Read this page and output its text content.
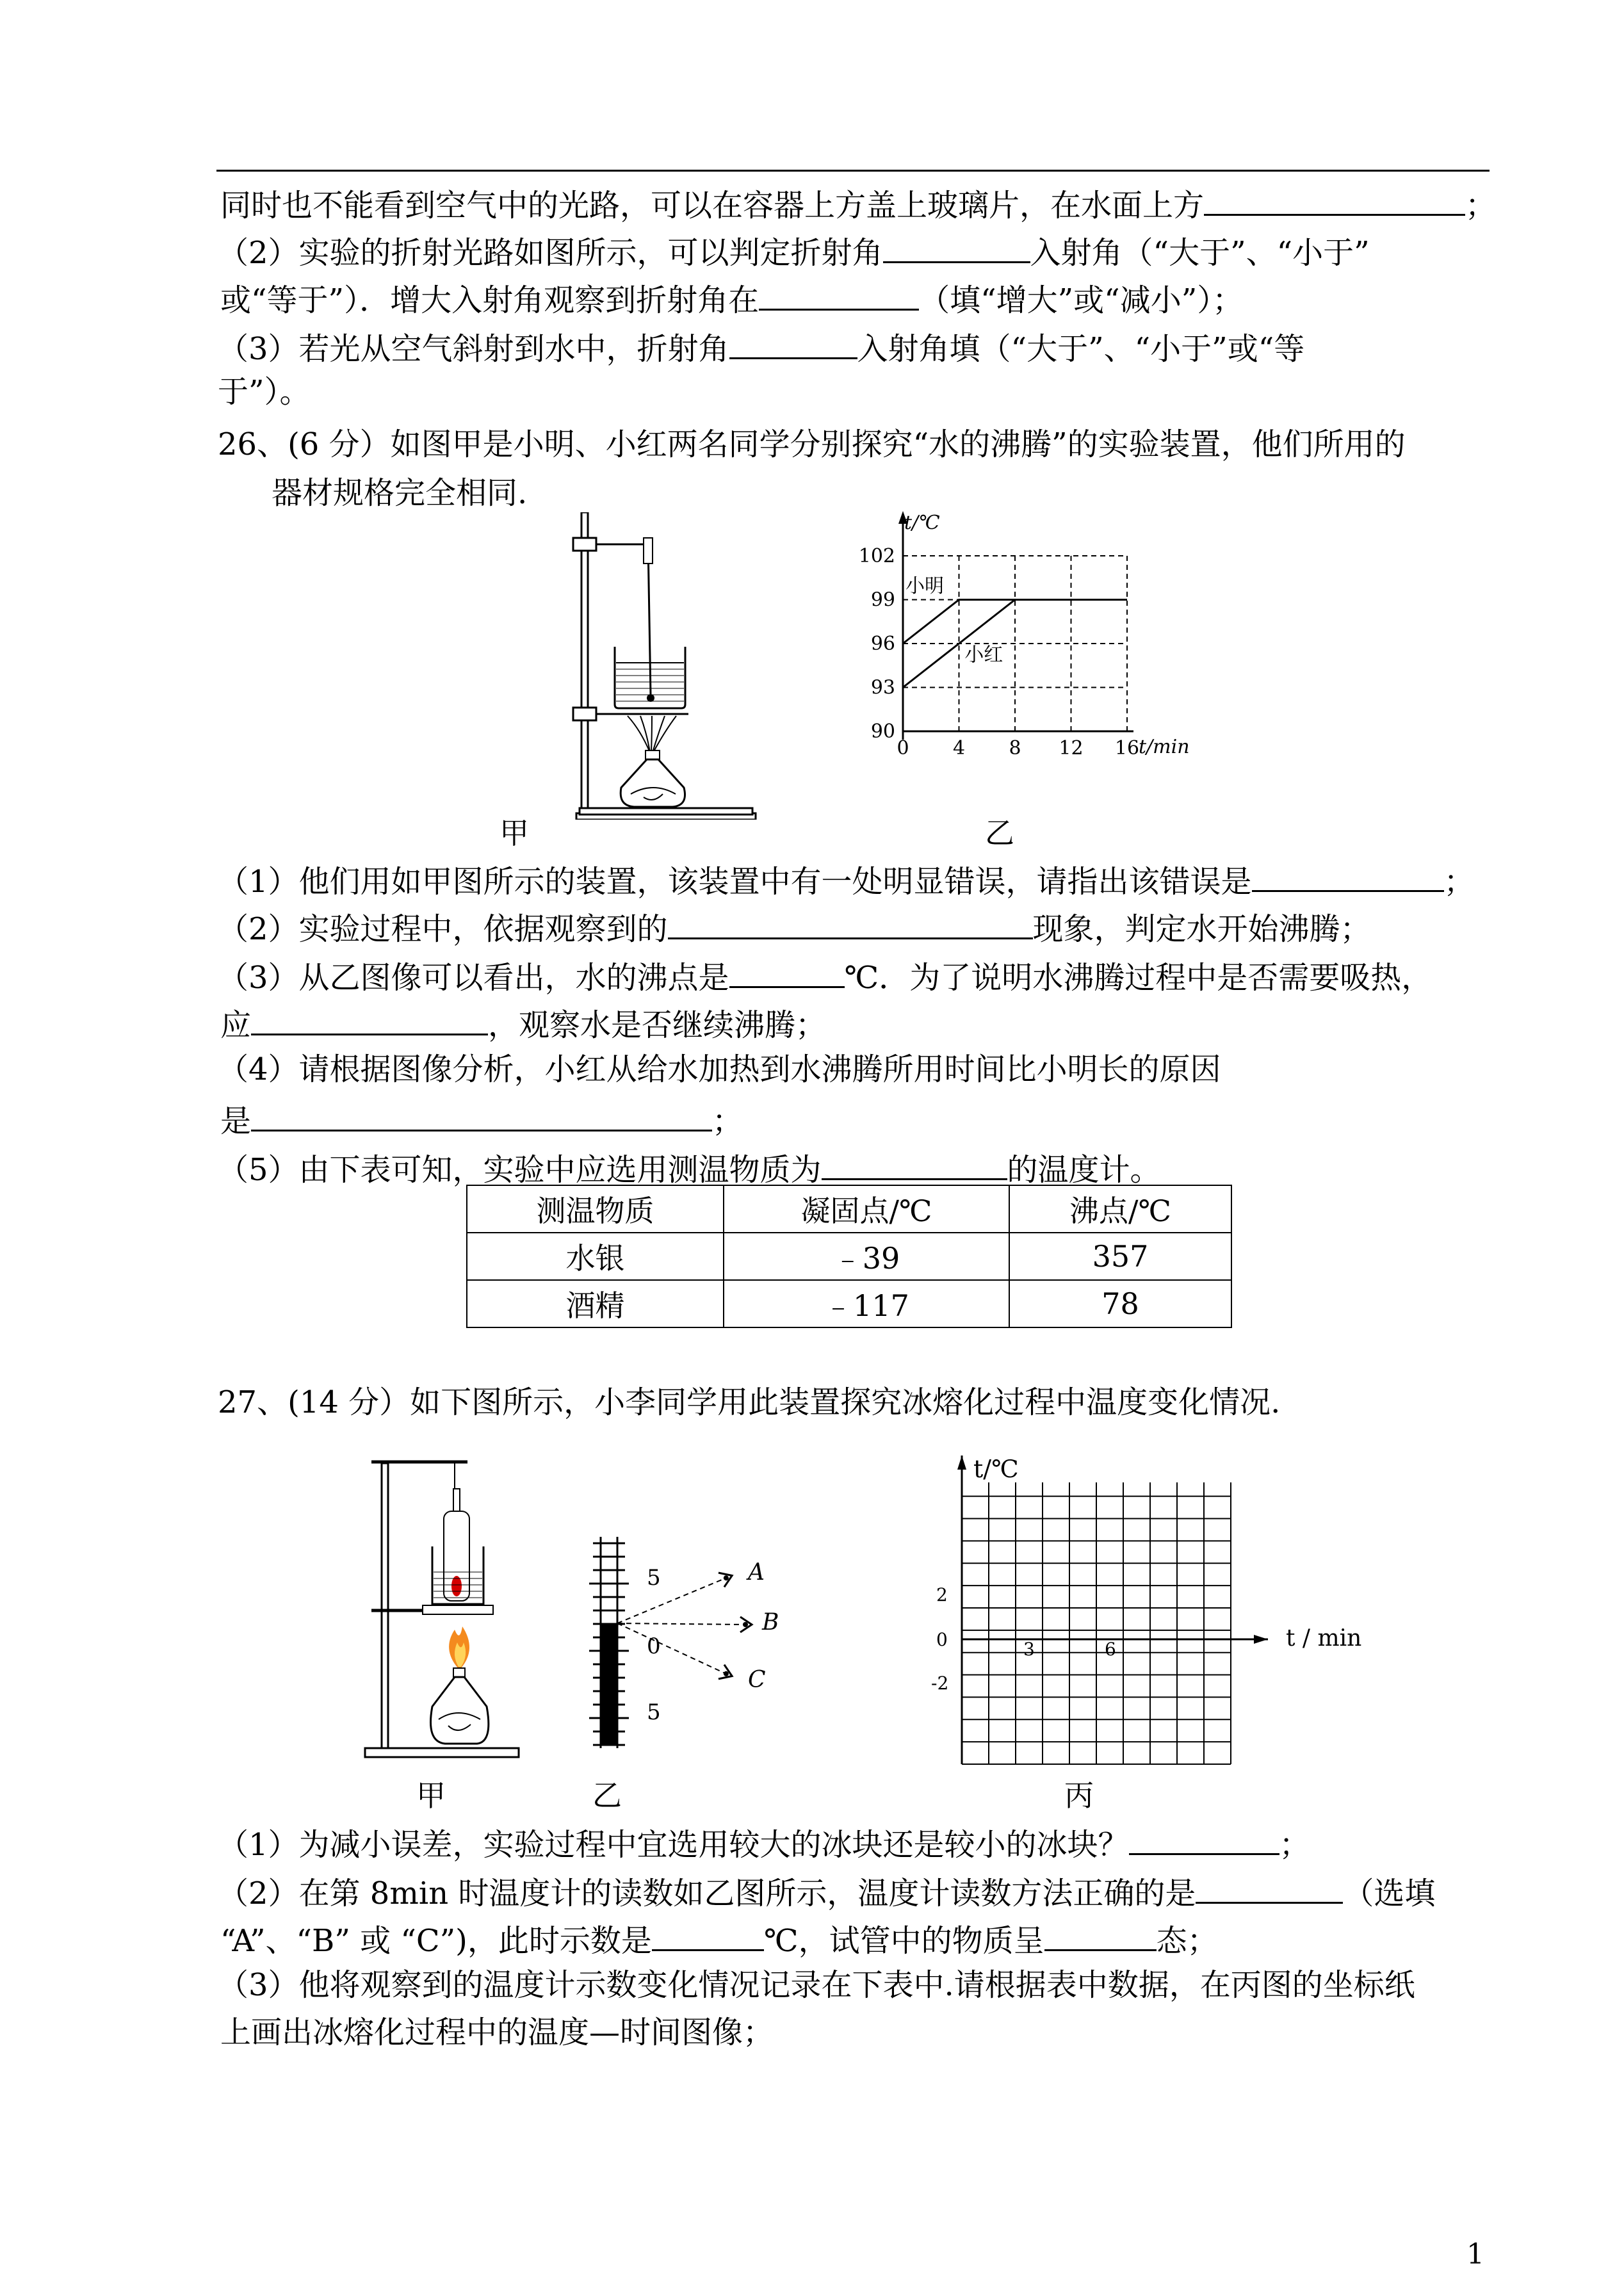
同时也不能看到空气中的光路，可以在容器上方盖上玻璃片，在水面上方	；
（2）实验的折射光路如图所示，可以判定折射角	入射角（“大于”、“小于”
或“等于”）．增大入射角观察到折射角在	（填“增大”或“减小”）；
（3）若光从空气斜射到水中，折射角	入射角填（“大于”、“小于”或“等
于”）。
26、(6 分）如图甲是小明、小红两名同学分别探究“水的沸腾”的实验装置，他们所用的
器材规格完全相同.
甲	乙
t/℃
t/min
0 4 8 12 16
90
93
96
99
102
小明
小红
（1）他们用如甲图所示的装置，该装置中有一处明显错误，请指出该错误是	；
（2）实验过程中，依据观察到的	现象，判定水开始沸腾；
（3）从乙图像可以看出，水的沸点是	℃．为了说明水沸腾过程中是否需要吸热，
应	，观察水是否继续沸腾；
（4）请根据图像分析，小红从给水加热到水沸腾所用时间比小明长的原因
是	；
（5）由下表可知，实验中应选用测温物质为	的温度计。
测温物质	凝固点/℃	沸点/℃
水银	﹣39	357
酒精	﹣117	78
27、(14 分）如下图所示，小李同学用此装置探究冰熔化过程中温度变化情况.
5
0
5
A
B
C
t/℃
t / min
2
0
-2
3	6
甲	乙	丙
（1）为减小误差，实验过程中宜选用较大的冰块还是较小的冰块？	；
（2）在第 8min 时温度计的读数如乙图所示，温度计读数方法正确的是	（选填
“A”、“B” 或 “C”)，此时示数是	℃，试管中的物质呈	态；
（3）他将观察到的温度计示数变化情况记录在下表中.请根据表中数据，在丙图的坐标纸
上画出冰熔化过程中的温度—时间图像；
1
